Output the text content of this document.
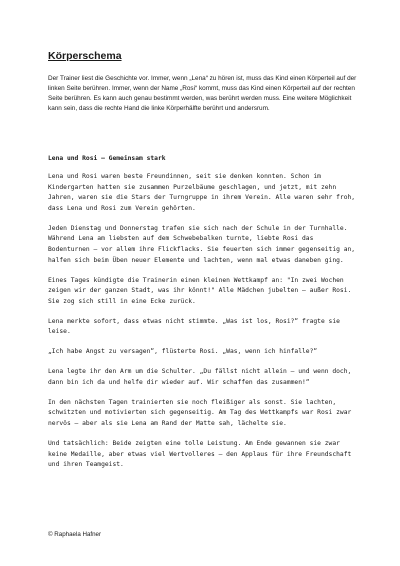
Körperschema

Der Trainer liest die Geschichte vor. Immer, wenn „Lena“ zu hören ist, muss das Kind einen Körperteil auf der linken Seite berühren. Immer, wenn der Name „Rosi“ kommt, muss das Kind einen Körperteil auf der rechten Seite berühren. Es kann auch genau bestimmt werden, was berührt werden muss. Eine weitere Möglichkeit kann sein, dass die rechte Hand die linke Körperhälfte berührt und andersrum.

Lena und Rosi – Gemeinsam stark

Lena und Rosi waren beste Freundinnen, seit sie denken konnten. Schon im Kindergarten hatten sie zusammen Purzelbäume geschlagen, und jetzt, mit zehn Jahren, waren sie die Stars der Turngruppe in ihrem Verein. Alle waren sehr froh, dass Lena und Rosi zum Verein gehörten.

Jeden Dienstag und Donnerstag trafen sie sich nach der Schule in der Turnhalle. Während Lena am liebsten auf dem Schwebebalken turnte, liebte Rosi das Bodenturnen – vor allem ihre Flickflacks. Sie feuerten sich immer gegenseitig an, halfen sich beim Üben neuer Elemente und lachten, wenn mal etwas daneben ging.

Eines Tages kündigte die Trainerin einen kleinen Wettkampf an: "In zwei Wochen zeigen wir der ganzen Stadt, was ihr könnt!" Alle Mädchen jubelten – außer Rosi. Sie zog sich still in eine Ecke zurück.

Lena merkte sofort, dass etwas nicht stimmte. „Was ist los, Rosi?“ fragte sie leise.

„Ich habe Angst zu versagen“, flüsterte Rosi. „Was, wenn ich hinfalle?“

Lena legte ihr den Arm um die Schulter. „Du fällst nicht allein – und wenn doch, dann bin ich da und helfe dir wieder auf. Wir schaffen das zusammen!“

In den nächsten Tagen trainierten sie noch fleißiger als sonst. Sie lachten, schwitzten und motivierten sich gegenseitig. Am Tag des Wettkampfs war Rosi zwar nervös – aber als sie Lena am Rand der Matte sah, lächelte sie.

Und tatsächlich: Beide zeigten eine tolle Leistung. Am Ende gewannen sie zwar keine Medaille, aber etwas viel Wertvolleres – den Applaus für ihre Freundschaft und ihren Teamgeist.

© Raphaela Hafner
